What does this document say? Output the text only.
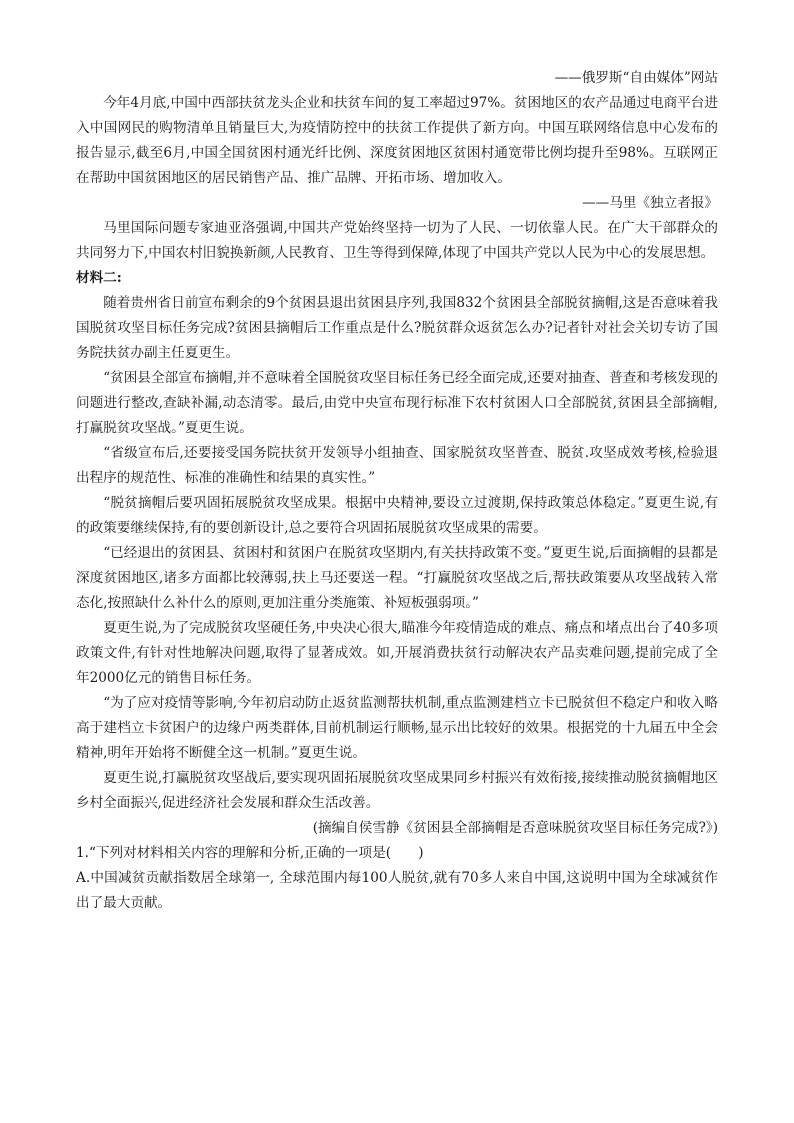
——俄罗斯“自由媒体”网站

今年4月底,中国中西部扶贫龙头企业和扶贫车间的复工率超过97%。贫困地区的农产品通过电商平台进入中国网民的购物清单且销量巨大,为疫情防控中的扶贫工作提供了新方向。中国互联网络信息中心发布的报告显示,截至6月,中国全国贫困村通光纤比例、深度贫困地区贫困村通宽带比例均提升至98%。互联网正在帮助中国贫困地区的居民销售产品、推广品牌、开拓市场、增加收入。

——马里《独立者报》

马里国际问题专家迪亚洛强调,中国共产党始终坚持一切为了人民、一切依靠人民。在广大干部群众的共同努力下,中国农村旧貌换新颜,人民教育、卫生等得到保障,体现了中国共产党以人民为中心的发展思想。

材料二:

随着贵州省日前宣布剩余的9个贫困县退出贫困县序列,我国832个贫困县全部脱贫摘帽,这是否意味着我国脱贫攻坚目标任务完成?贫困县摘帽后工作重点是什么?脱贫群众返贫怎么办?记者针对社会关切专访了国务院扶贫办副主任夏更生。

“贫困县全部宣布摘帽,并不意味着全国脱贫攻坚目标任务已经全面完成,还要对抽查、普查和考核发现的问题进行整改,查缺补漏,动态清零。最后,由党中央宣布现行标准下农村贫困人口全部脱贫,贫困县全部摘帽,打赢脱贫攻坚战。”夏更生说。

“省级宣布后,还要接受国务院扶贫开发领导小组抽查、国家脱贫攻坚普查、脱贫.攻坚成效考核,检验退出程序的规范性、标准的准确性和结果的真实性。”

“脱贫摘帽后要巩固拓展脱贫攻坚成果。根据中央精神,要设立过渡期,保持政策总体稳定。”夏更生说,有的政策要继续保持,有的要创新设计,总之要符合巩固拓展脱贫攻坚成果的需要。

“已经退出的贫困县、贫困村和贫困户在脱贫攻坚期内,有关扶持政策不变。”夏更生说,后面摘帽的县都是深度贫困地区,诸多方面都比较薄弱,扶上马还要送一程。“打赢脱贫攻坚战之后,帮扶政策要从攻坚战转入常态化,按照缺什么补什么的原则,更加注重分类施策、补短板强弱项。”

夏更生说,为了完成脱贫攻坚硬任务,中央决心很大,瞄准今年疫情造成的难点、痛点和堵点出台了40多项政策文件,有针对性地解决问题,取得了显著成效。如,开展消费扶贫行动解决农产品卖难问题,提前完成了全年2000亿元的销售目标任务。

“为了应对疫情等影响,今年初启动防止返贫监测帮扶机制,重点监测建档立卡已脱贫但不稳定户和收入略高于建档立卡贫困户的边缘户两类群体,目前机制运行顺畅,显示出比较好的效果。根据党的十九届五中全会精神,明年开始将不断健全这一机制。”夏更生说。

夏更生说,打赢脱贫攻坚战后,要实现巩固拓展脱贫攻坚成果同乡村振兴有效衔接,接续推动脱贫摘帽地区乡村全面振兴,促进经济社会发展和群众生活改善。

(摘编自侯雪静《贫困县全部摘帽是否意味脱贫攻坚目标任务完成?》)

1.“下列对材料相关内容的理解和分析,正确的一项是(　　)

A.中国减贫贡献指数居全球第一, 全球范围内每100人脱贫,就有70多人来自中国,这说明中国为全球减贫作出了最大贡献。
